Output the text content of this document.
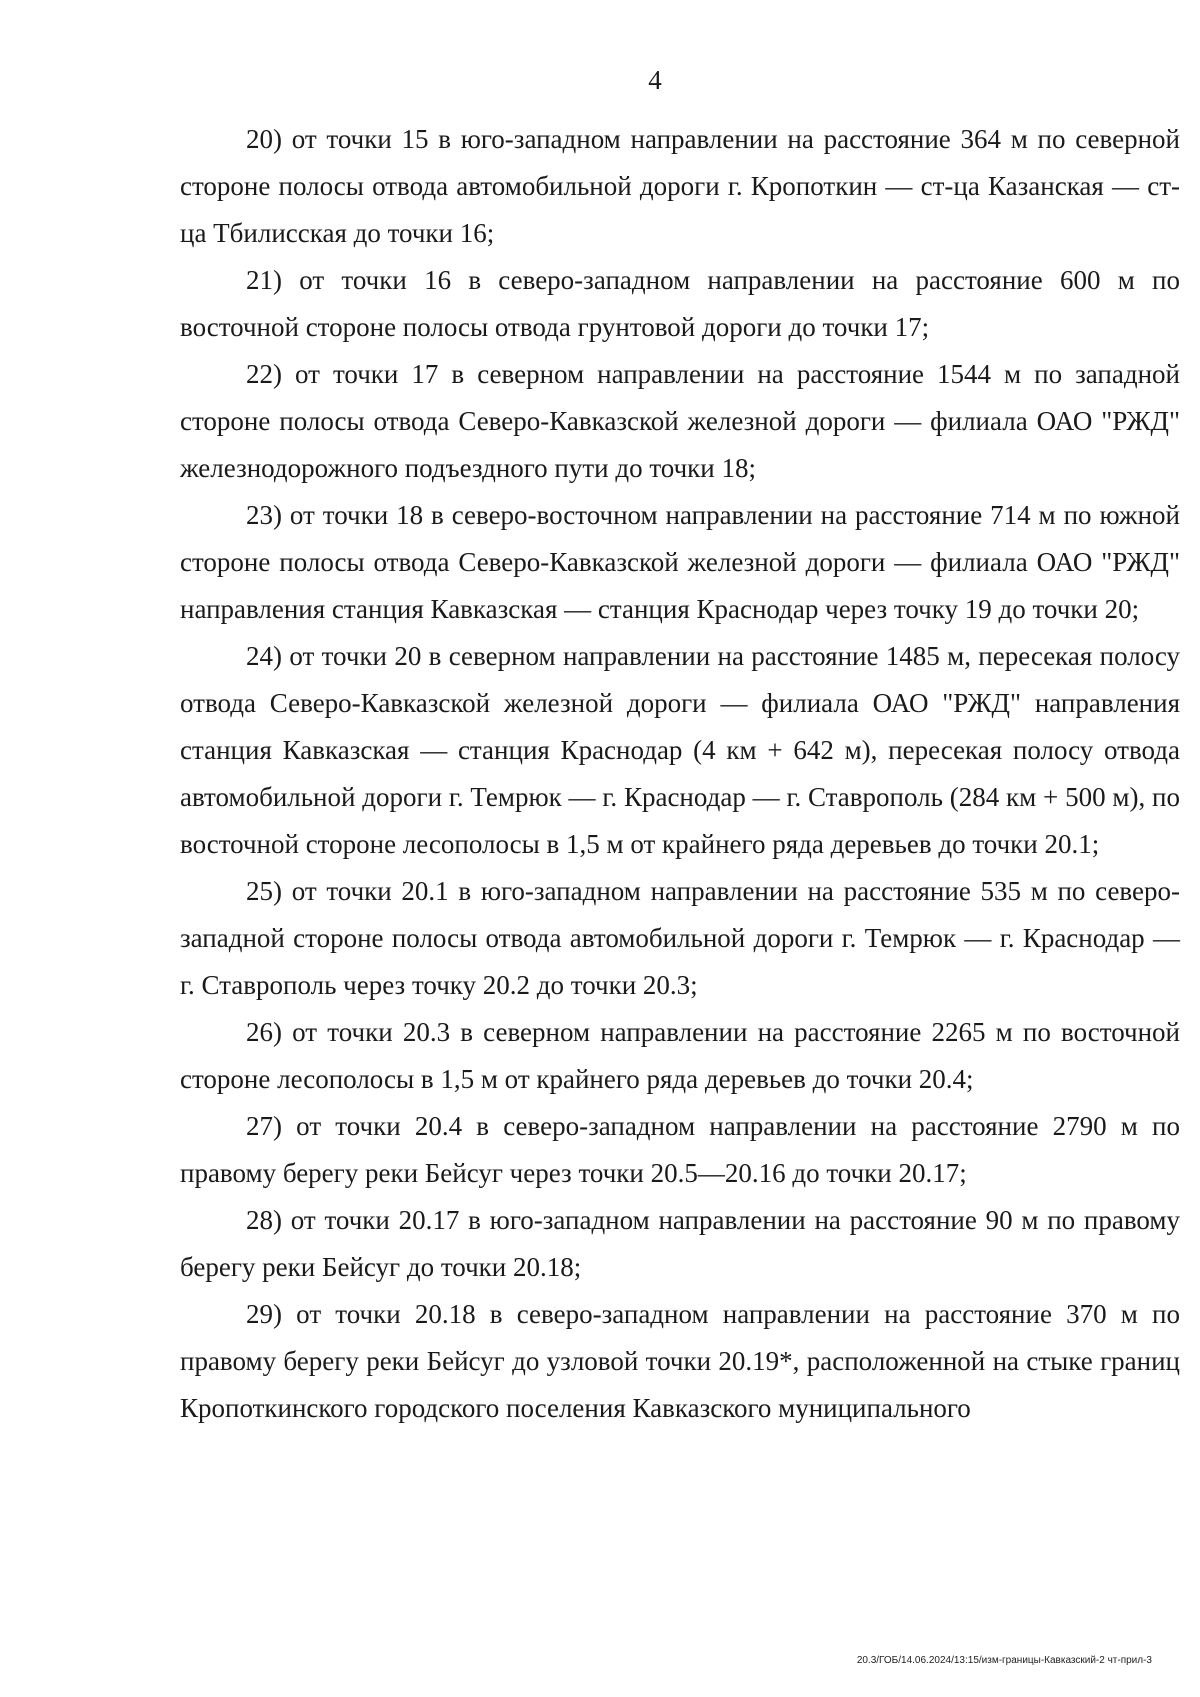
4

20) от точки 15 в юго-западном направлении на расстояние 364 м по северной стороне полосы отвода автомобильной дороги г. Кропоткин — ст-ца Казанская — ст-ца Тбилисская до точки 16;

21) от точки 16 в северо-западном направлении на расстояние 600 м по восточной стороне полосы отвода грунтовой дороги до точки 17;

22) от точки 17 в северном направлении на расстояние 1544 м по западной стороне полосы отвода Северо-Кавказской железной дороги — филиала ОАО "РЖД" железнодорожного подъездного пути до точки 18;

23) от точки 18 в северо-восточном направлении на расстояние 714 м по южной стороне полосы отвода Северо-Кавказской железной дороги — филиала ОАО "РЖД" направления станция Кавказская — станция Краснодар через точку 19 до точки 20;

24) от точки 20 в северном направлении на расстояние 1485 м, пересекая полосу отвода Северо-Кавказской железной дороги — филиала ОАО "РЖД" направления станция Кавказская — станция Краснодар (4 км + 642 м), пересекая полосу отвода автомобильной дороги г. Темрюк — г. Краснодар — г. Ставрополь (284 км + 500 м), по восточной стороне лесополосы в 1,5 м от крайнего ряда деревьев до точки 20.1;

25) от точки 20.1 в юго-западном направлении на расстояние 535 м по северо-западной стороне полосы отвода автомобильной дороги г. Темрюк — г. Краснодар — г. Ставрополь через точку 20.2 до точки 20.3;

26) от точки 20.3 в северном направлении на расстояние 2265 м по восточной стороне лесополосы в 1,5 м от крайнего ряда деревьев до точки 20.4;

27) от точки 20.4 в северо-западном направлении на расстояние 2790 м по правому берегу реки Бейсуг через точки 20.5—20.16 до точки 20.17;

28) от точки 20.17 в юго-западном направлении на расстояние 90 м по правому берегу реки Бейсуг до точки 20.18;

29) от точки 20.18 в северо-западном направлении на расстояние 370 м по правому берегу реки Бейсуг до узловой точки 20.19*, расположенной на стыке границ Кропоткинского городского поселения Кавказского муниципального

20.3/ГОБ/14.06.2024/13:15/изм-границы-Кавказский-2 чт-прил-3
